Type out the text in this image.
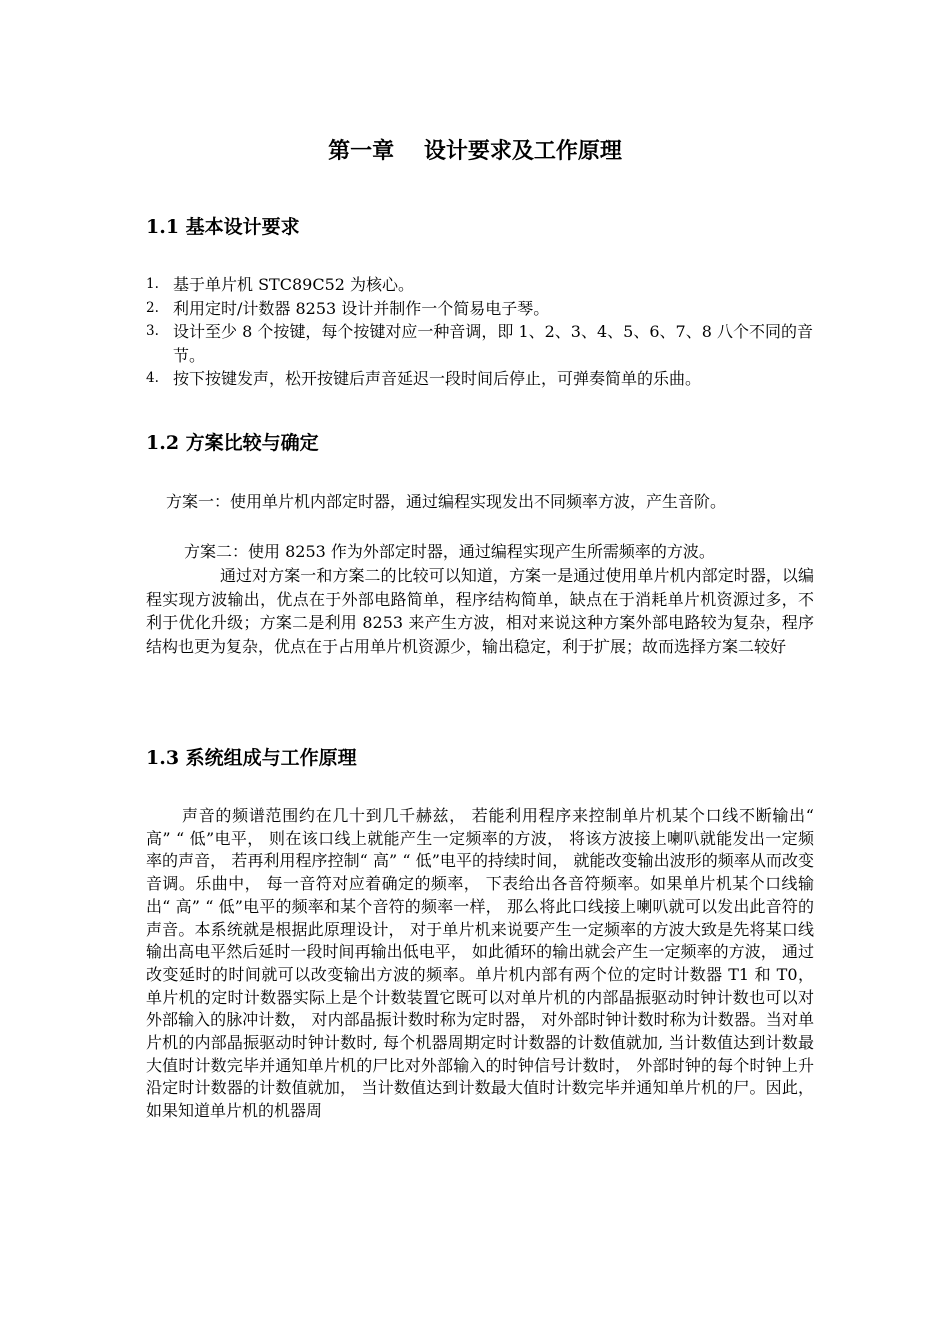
第一章　 设计要求及工作原理
1.1 基本设计要求
1. 基于单片机 STC89C52 为核心。
2. 利用定时/计数器 8253 设计并制作一个简易电子琴。
3. 设计至少 8 个按键，每个按键对应一种音调，即 1、2、3、4、5、6、7、8 八个不同的音节。
4. 按下按键发声，松开按键后声音延迟一段时间后停止，可弹奏简单的乐曲。
1.2 方案比较与确定

方案一：使用单片机内部定时器，通过编程实现发出不同频率方波，产生音阶。

方案二：使用 8253 作为外部定时器，通过编程实现产生所需频率的方波。

通过对方案一和方案二的比较可以知道，方案一是通过使用单片机内部定时器，以编程实现方波输出，优点在于外部电路简单，程序结构简单，缺点在于消耗单片机资源过多，不利于优化升级；方案二是利用 8253 来产生方波，相对来说这种方案外部电路较为复杂，程序结构也更为复杂，优点在于占用单片机资源少，输出稳定，利于扩展；故而选择方案二较好

1.3 系统组成与工作原理

声音的频谱范围约在几十到几千赫兹， 若能利用程序来控制单片机某个口线不断输出“ 高” “ 低”电平， 则在该口线上就能产生一定频率的方波， 将该方波接上喇叭就能发出一定频率的声音， 若再利用程序控制“ 高” “ 低”电平的持续时间， 就能改变输出波形的频率从而改变音调。乐曲中， 每一音符对应着确定的频率， 下表给出各音符频率。如果单片机某个口线输出“ 高” “ 低”电平的频率和某个音符的频率一样， 那么将此口线接上喇叭就可以发出此音符的声音。本系统就是根据此原理设计， 对于单片机来说要产生一定频率的方波大致是先将某口线输出高电平然后延时一段时间再输出低电平， 如此循环的输出就会产生一定频率的方波， 通过改变延时的时间就可以改变输出方波的频率。单片机内部有两个位的定时计数器 T1 和 T0， 单片机的定时计数器实际上是个计数装置它既可以对单片机的内部晶振驱动时钟计数也可以对外部输入的脉冲计数， 对内部晶振计数时称为定时器， 对外部时钟计数时称为计数器。当对单片机的内部晶振驱动时钟计数时, 每个机器周期定时计数器的计数值就加, 当计数值达到计数最大值时计数完毕并通知单片机的尸比对外部输入的时钟信号计数时， 外部时钟的每个时钟上升沿定时计数器的计数值就加， 当计数值达到计数最大值时计数完毕并通知单片机的尸。因此， 如果知道单片机的机器周
